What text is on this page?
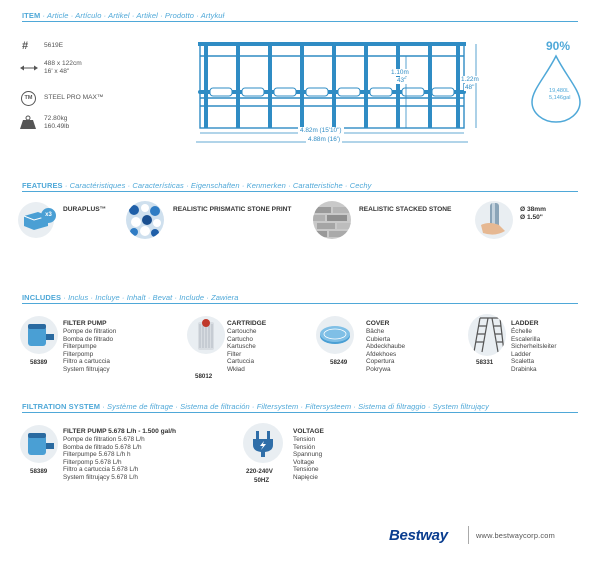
ITEM · Article · Artículo · Artikel · Artikel · Prodotto · Artykuł
# 5619E
488 x 122cm
16' x 48"
TM	STEEL PRO MAX™
72.80kg
160.49lb
1.10m
43"	1.22m
48"
4.82m (15'10")
4.88m (16')
90%
19,480L
5,146gal
FEATURES · Caractéristiques · Características · Eigenschaften · Kenmerken · Caratteristiche · Cechy
x3
DURAPLUS™	REALISTIC PRISMATIC STONE PRINT	REALISTIC STACKED STONE	Ø 38mm
Ø 1.50"
INCLUDES · Inclus · Incluye · Inhalt · Bevat · Include · Zawiera
58389
FILTER PUMP
Pompe de filtration
Bomba de filtrado
Filterpumpe
Filterpomp
Filtro a cartuccia
System filtrujący
58012
CARTRIDGE
Cartouche
Cartucho
Kartusche
Filter
Cartuccia
Wkład
58249
COVER
Bâche
Cubierta
Abdeckhaube
Afdekhoes
Copertura
Pokrywa
58331
LADDER
Échelle
Escalerilla
Sicherheitsleiter
Ladder
Scaletta
Drabinka
FILTRATION SYSTEM · Système de filtrage · Sistema de filtración · Filtersystem · Filtersysteem · Sistema di filtraggio · System filtrujący
58389
FILTER PUMP 5.678 L/h - 1.500 gal/h
Pompe de filtration 5.678 L/h
Bomba de filtrado 5.678 L/h
Filterpumpe 5.678 L/h h
Filterpomp 5.678 L/h
Filtro a cartuccia 5.678 L/h
System filtrujący 5.678 L/h
220-240V
50HZ
VOLTAGE
Tension
Tensión
Spannung
Voltage
Tensione
Napięcie
Bestway	www.bestwaycorp.com
